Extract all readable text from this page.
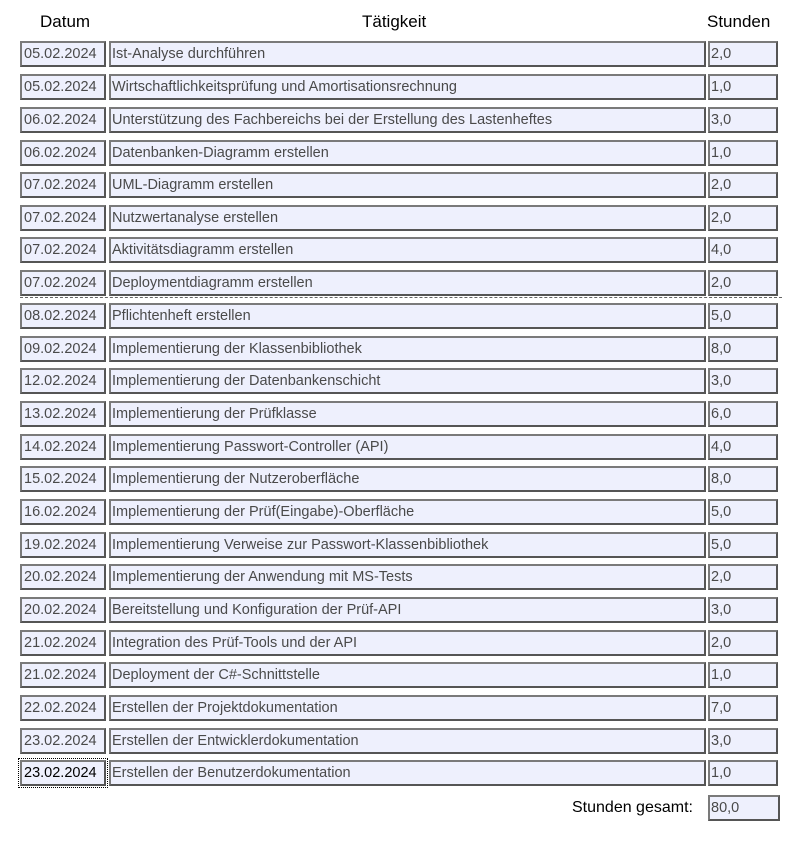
Datum	Tätigkeit	Stunden
05.02.2024	Ist-Analyse durchführen	2,0
05.02.2024	Wirtschaftlichkeitsprüfung und Amortisationsrechnung	1,0
06.02.2024	Unterstützung des Fachbereichs bei der Erstellung des Lastenheftes	3,0
06.02.2024	Datenbanken-Diagramm erstellen	1,0
07.02.2024	UML-Diagramm erstellen	2,0
07.02.2024	Nutzwertanalyse erstellen	2,0
07.02.2024	Aktivitätsdiagramm erstellen	4,0
07.02.2024	Deploymentdiagramm erstellen	2,0
08.02.2024	Pflichtenheft erstellen	5,0
09.02.2024	Implementierung der Klassenbibliothek	8,0
12.02.2024	Implementierung der Datenbankenschicht	3,0
13.02.2024	Implementierung der Prüfklasse	6,0
14.02.2024	Implementierung Passwort-Controller (API)	4,0
15.02.2024	Implementierung der Nutzeroberfläche	8,0
16.02.2024	Implementierung der Prüf(Eingabe)-Oberfläche	5,0
19.02.2024	Implementierung Verweise zur Passwort-Klassenbibliothek	5,0
20.02.2024	Implementierung der Anwendung mit MS-Tests	2,0
20.02.2024	Bereitstellung und Konfiguration der Prüf-API	3,0
21.02.2024	Integration des Prüf-Tools und der API	2,0
21.02.2024	Deployment der C#-Schnittstelle	1,0
22.02.2024	Erstellen der Projektdokumentation	7,0
23.02.2024	Erstellen der Entwicklerdokumentation	3,0
23.02.2024	Erstellen der Benutzerdokumentation	1,0
Stunden gesamt: 80,0
